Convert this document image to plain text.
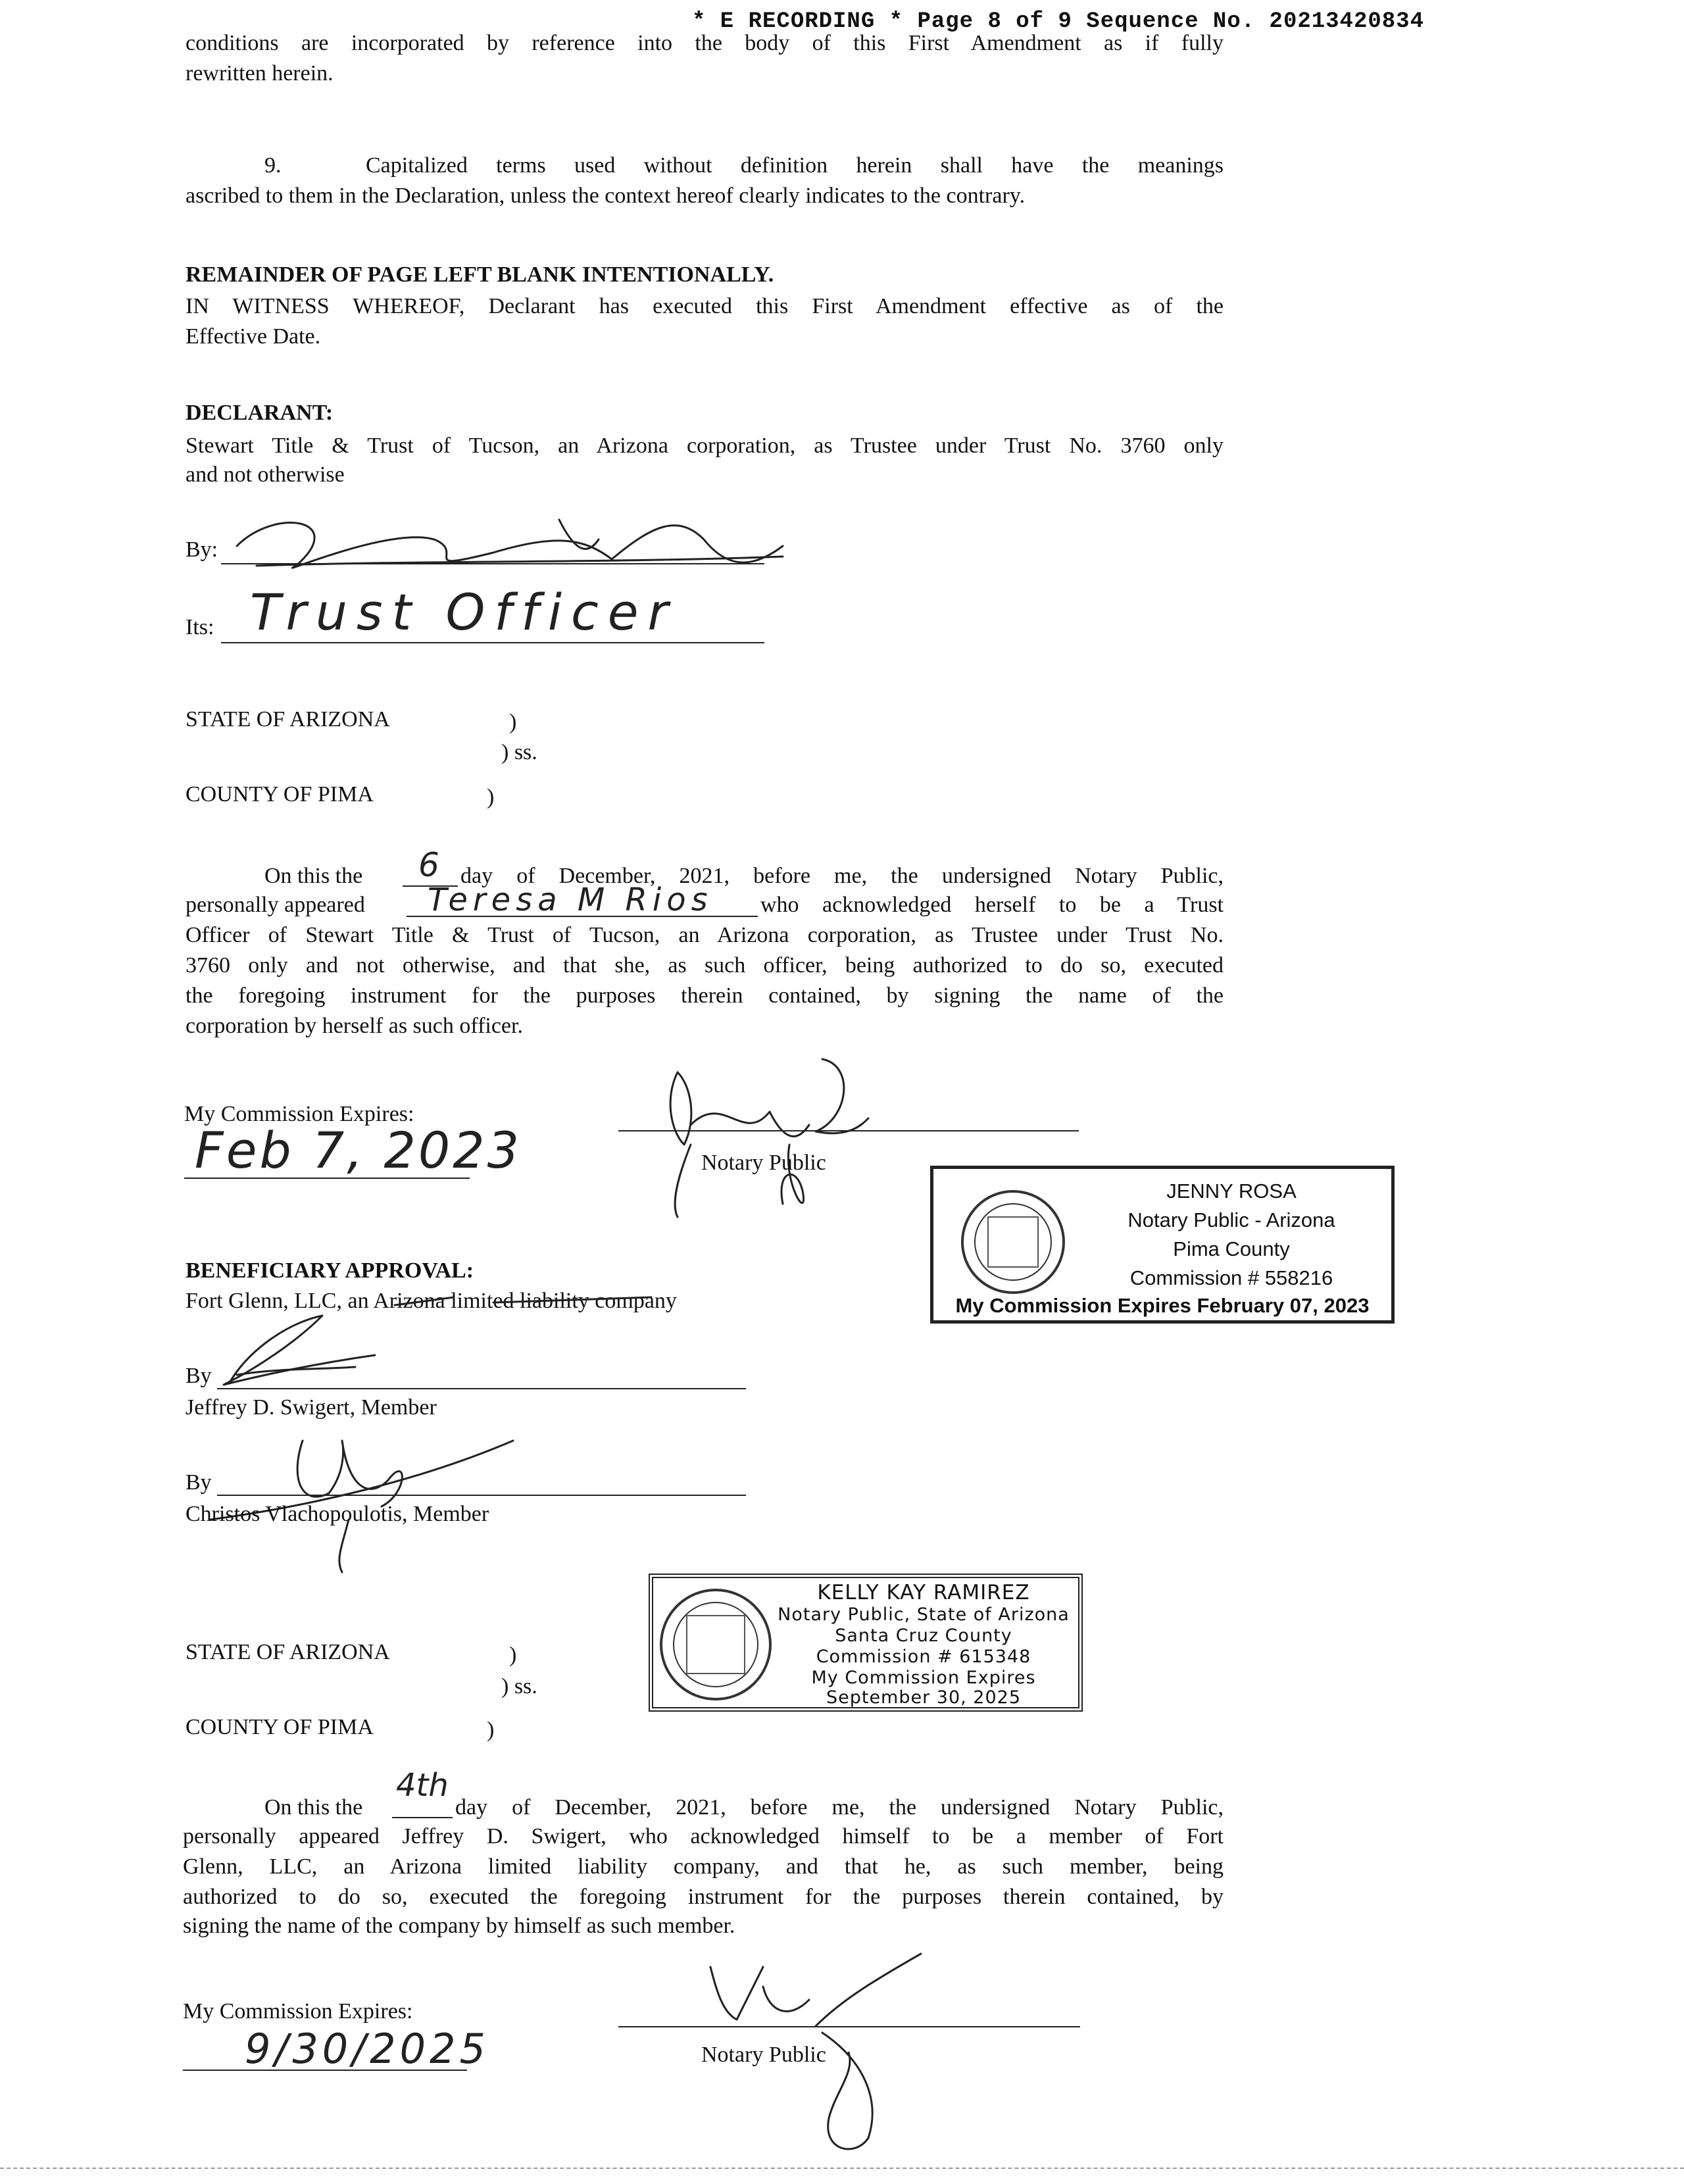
* E RECORDING * Page 8 of 9 Sequence No. 20213420834
conditions are incorporated by reference into the body of this First Amendment as if fully
rewritten herein.
9.	Capitalized terms used without definition herein shall have the meanings
ascribed to them in the Declaration, unless the context hereof clearly indicates to the contrary.
REMAINDER OF PAGE LEFT BLANK INTENTIONALLY.
IN WITNESS WHEREOF, Declarant has executed this First Amendment effective as of the
Effective Date.
DECLARANT:
Stewart Title & Trust of Tucson, an Arizona corporation, as Trustee under Trust No. 3760 only
and not otherwise
By:
Its: Trust Officer
STATE OF ARIZONA	)
) ss.
COUNTY OF PIMA	)
On this the 6 day of December, 2021, before me, the undersigned Notary Public,
personally appeared Teresa M Rios who acknowledged herself to be a Trust
Officer of Stewart Title & Trust of Tucson, an Arizona corporation, as Trustee under Trust No.
3760 only and not otherwise, and that she, as such officer, being authorized to do so, executed
the foregoing instrument for the purposes therein contained, by signing the name of the
corporation by herself as such officer.
My Commission Expires:
Feb 7, 2023	Notary Public
JENNY ROSA
Notary Public - Arizona
Pima County
Commission # 558216
My Commission Expires February 07, 2023
BENEFICIARY APPROVAL:
Fort Glenn, LLC, an Arizona limited liability company
By
Jeffrey D. Swigert, Member
By
Christos Vlachopoulotis, Member
KELLY KAY RAMIREZ
Notary Public, State of Arizona
Santa Cruz County
Commission # 615348
My Commission Expires
September 30, 2025
STATE OF ARIZONA	)
) ss.
COUNTY OF PIMA	)
On this the
4th
day of December, 2021, before me, the undersigned Notary Public,
personally appeared Jeffrey D. Swigert, who acknowledged himself to be a member of Fort
Glenn, LLC, an Arizona limited liability company, and that he, as such member, being
authorized to do so, executed the foregoing instrument for the purposes therein contained, by
signing the name of the company by himself as such member.
My Commission Expires:
9/30/2025	Notary Public
